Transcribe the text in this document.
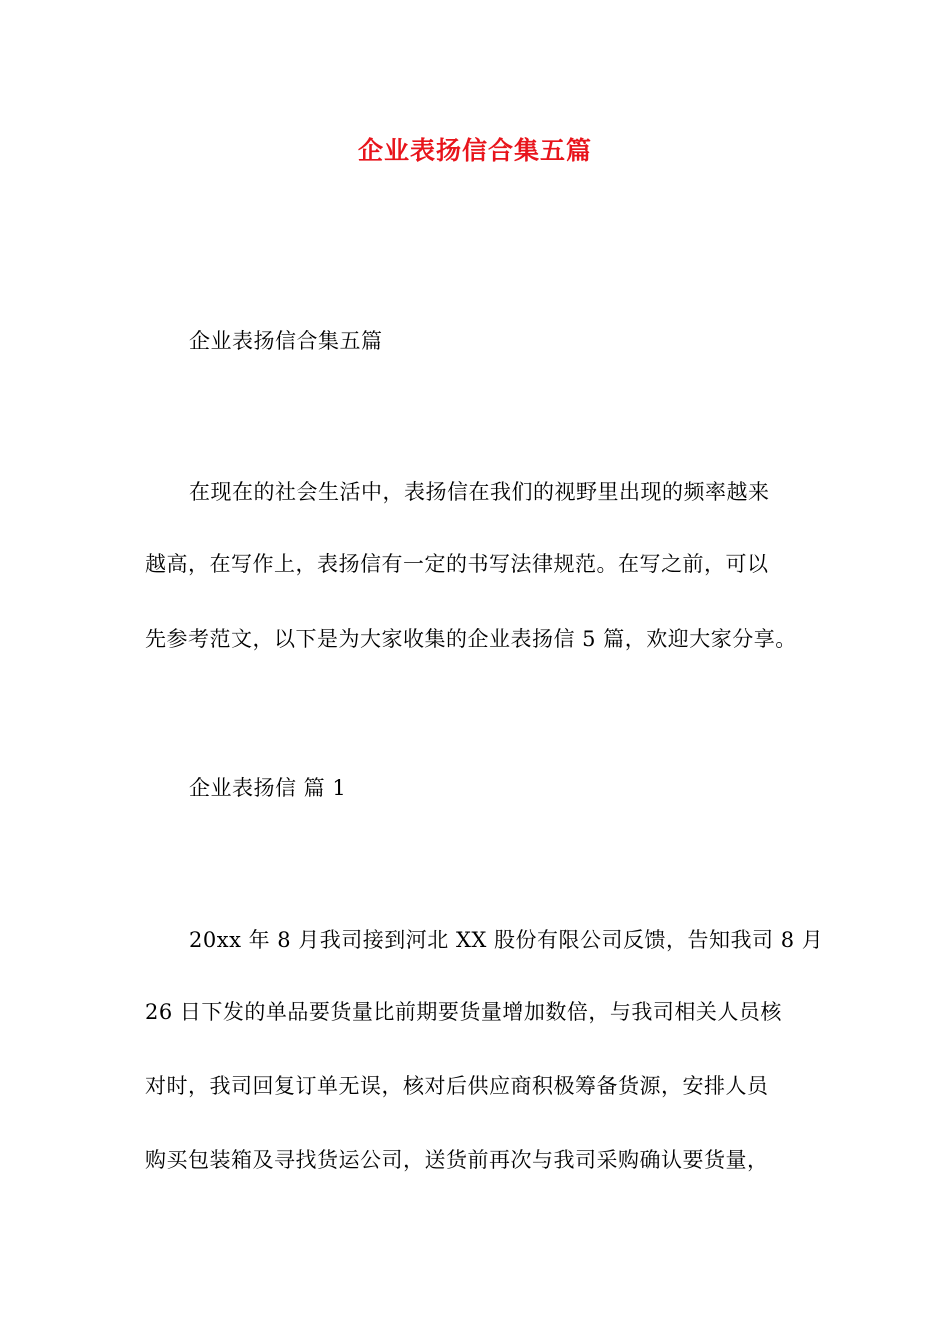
企业表扬信合集五篇
企业表扬信合集五篇
在现在的社会生活中，表扬信在我们的视野里出现的频率越来
越高，在写作上，表扬信有一定的书写法律规范。在写之前，可以
先参考范文，以下是为大家收集的企业表扬信 5 篇，欢迎大家分享。
企业表扬信 篇 1
20xx 年 8 月我司接到河北 XX 股份有限公司反馈，告知我司 8 月
26 日下发的单品要货量比前期要货量增加数倍，与我司相关人员核
对时，我司回复订单无误，核对后供应商积极筹备货源，安排人员
购买包装箱及寻找货运公司，送货前再次与我司采购确认要货量，
